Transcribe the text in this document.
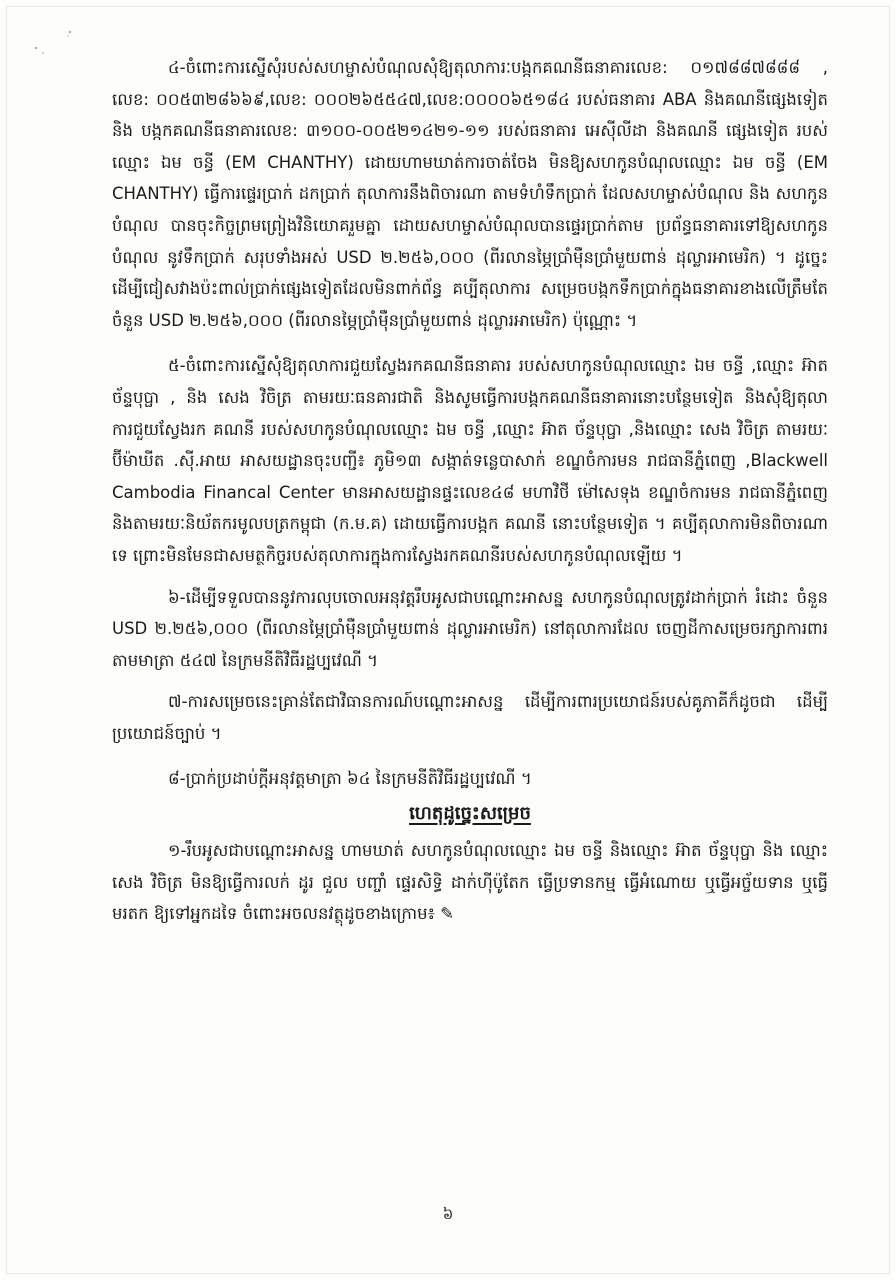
៤-ចំពោះការស្នើសុំរបស់សហម្ចាស់បំណុលសុំឱ្យតុលាការៈបង្កកគណនីធនាគារលេខ: ០១៧៨៨៧៨៨៨ , លេខ: ០០៥៣២៨៦៦៩,លេខ: ០០០២៦៥៥៤៧,លេខ:០០០០៦៥១៨៤ របស់ធនាគារ ABA និងគណនីផ្សេងទៀត និង បង្កកគណនីធនាគារលេខ: ៣១០០-០០៥២១៤២១-១១ របស់ធនាគារ អេស៊ីលីដា និងគណនី ផ្សេងទៀត របស់ឈ្មោះ ឯម ចន្ធី (EM CHANTHY) ដោយហាមឃាត់ការចាត់ចែង មិនឱ្យសហកូនបំណុលឈ្មោះ ឯម ចន្ធី (EM CHANTHY) ធ្វើការផ្ទេរប្រាក់ ដកប្រាក់ តុលាការនឹងពិចារណា តាមទំហំទឹកប្រាក់ ដែលសហម្ចាស់បំណុល និង សហកូនបំណុល បានចុះកិច្ចព្រមព្រៀងវិនិយោគរួមគ្នា ដោយសហម្ចាស់បំណុលបានផ្ទេរប្រាក់តាម ប្រព័ន្ធធនាគារទៅឱ្យសហកូនបំណុល នូវទឹកប្រាក់ សរុបទាំងអស់ USD ២.២៥៦,០០០ (ពីរលានម្ភៃប្រាំមុឺនប្រាំមួយពាន់ ដុល្លារអាមេរិក) ។ ដូច្នេះដើម្បីជៀសវាងប៉ះពាល់ប្រាក់ផ្សេងទៀតដែលមិនពាក់ព័ន្ធ គប្បីតុលាការ សម្រេចបង្កកទឹកប្រាក់ក្នុងធនាគារខាងលើត្រឹមតែចំនួន USD ២.២៥៦,០០០ (ពីរលានម្ភៃប្រាំមុឺនប្រាំមួយពាន់ ដុល្លារអាមេរិក) ប៉ុណ្ណោះ ។

៥-ចំពោះការស្នើសុំឱ្យតុលាការជួយស្វែងរកគណនីធនាគារ របស់សហកូនបំណុលឈ្មោះ ឯម ចន្ធី ,ឈ្មោះ អ៊ាត ច័ន្ទបុប្ផា , និង សេង វិចិត្រ តាមរយៈធនគារជាតិ និងសូមធ្វើការបង្កកគណនីធនាគារនោះបន្ថែមទៀត និងសុំឱ្យតុលាការជួយស្វែងរក គណនី របស់សហកូនបំណុលឈ្មោះ ឯម ចន្ធី ,ឈ្មោះ អ៊ាត ច័ន្ទបុប្ផា ,និងឈ្មោះ សេង វិចិត្រ តាមរយៈ ប៊ីម៉ាឃីត .ស៊ី.អាយ អាសយដ្ឋានចុះបញ្ជី៖ ភូមិ១៣ សង្កាត់ទន្លេបាសាក់ ខណ្ឌចំការមន រាជធានីភ្នំពេញ ,Blackwell Cambodia Financal Center មានអាសយដ្ឋានផ្ទះលេខ៤៨ មហាវិថី ម៉ៅសេទុង ខណ្ឌចំការមន រាជធានីភ្នំពេញ និងតាមរយៈនិយ័តករមូលបត្រកម្ពុជា (ក.ម.គ) ដោយធ្វើការបង្កក គណនី នោះបន្ថែមទៀត ។ គប្បីតុលាការមិនពិចារណាទេ ព្រោះមិនមែនជាសមត្ថកិច្ចរបស់តុលាការក្នុងការស្វែងរកគណនីរបស់សហកូនបំណុលឡើយ ។

៦-ដើម្បីទទួលបាននូវការលុបចោលអនុវត្តរឹបអូសជាបណ្ដោះអាសន្ន សហកូនបំណុលត្រូវដាក់ប្រាក់ រំដោះ ចំនួន USD ២.២៥៦,០០០ (ពីរលានម្ភៃប្រាំមុឺនប្រាំមួយពាន់ ដុល្លារអាមេរិក) នៅតុលាការដែល ចេញដីកាសម្រេចរក្សាការពារតាមមាត្រា ៥៤៧ នៃក្រមនីតិវិធីរដ្ឋប្បវេណី ។

៧-ការសម្រេចនេះគ្រាន់តែជាវិធានការណ៍បណ្ដោះអាសន្ន ដើម្បីការពារប្រយោជន៍របស់គូភាគីក៏ដូចជា ដើម្បីប្រយោជន៍ច្បាប់ ។

៨-ប្រាក់ប្រដាប់ក្ដីអនុវត្តមាត្រា ៦៤ នៃក្រមនីតិវិធីរដ្ឋប្បវេណី ។

ហេតុដូច្នេះសម្រេច

១-រឹបអូសជាបណ្ដោះអាសន្ន ហាមឃាត់ សហកូនបំណុលឈ្មោះ ឯម ចន្ធី និងឈ្មោះ អ៊ាត ច័ន្ទបុប្ផា និង ឈ្មោះ សេង វិចិត្រ មិនឱ្យធ្វើការលក់ ដូរ ជួល បញ្ចាំ ផ្ទេរសិទ្ធិ ដាក់ហ៊ីប៉ូតែក ធ្វើប្រទានកម្ម ធ្វើអំណោយ ឬធ្វើអច្ច័យទាន ឬធ្វើមរតក ឱ្យទៅអ្នកដទៃ ចំពោះអចលនវត្ថុដូចខាងក្រោម៖ ✎

៦
